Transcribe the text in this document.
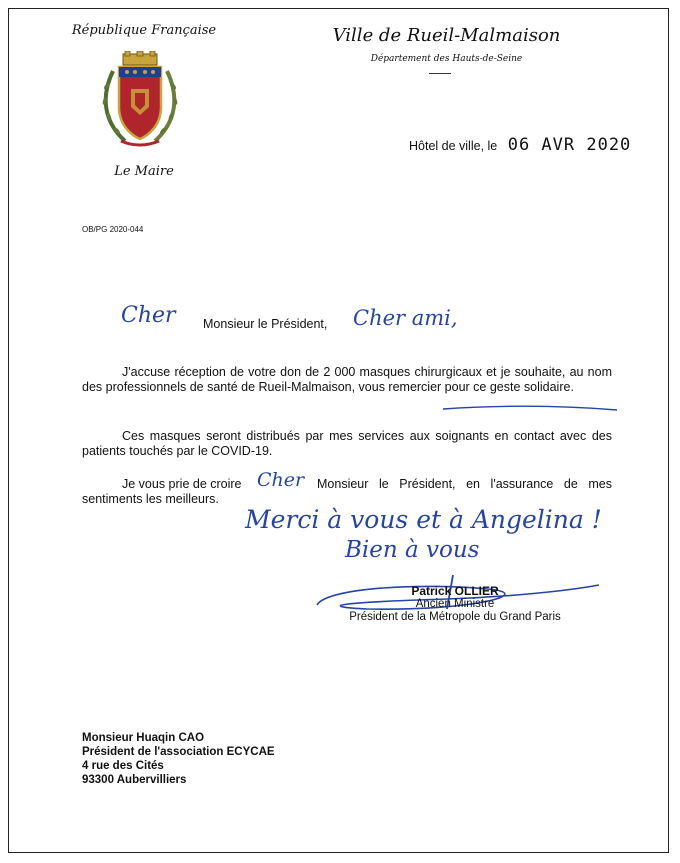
République Française
Le Maire
Ville de Rueil-Malmaison
Département des Hauts-de-Seine
Hôtel de ville, le 06 AVR 2020
OB/PG 2020-044
Cher Monsieur le Président, Cher ami,
J'accuse réception de votre don de 2 000 masques chirurgicaux et je souhaite, au nom des professionnels de santé de Rueil-Malmaison, vous remercier pour ce geste solidaire.
Ces masques seront distribués par mes services aux soignants en contact avec des patients touchés par le COVID-19.
Je vous prie de croire Cher	Monsieur le Président, en l'assurance de mes sentiments les meilleurs.
Merci à vous et à Angelina !
Bien à vous
Patrick OLLIER
Ancien Ministre
Président de la Métropole du Grand Paris
Monsieur Huaqin CAO
Président de l'association ECYCAE
4 rue des Cités
93300 Aubervilliers
